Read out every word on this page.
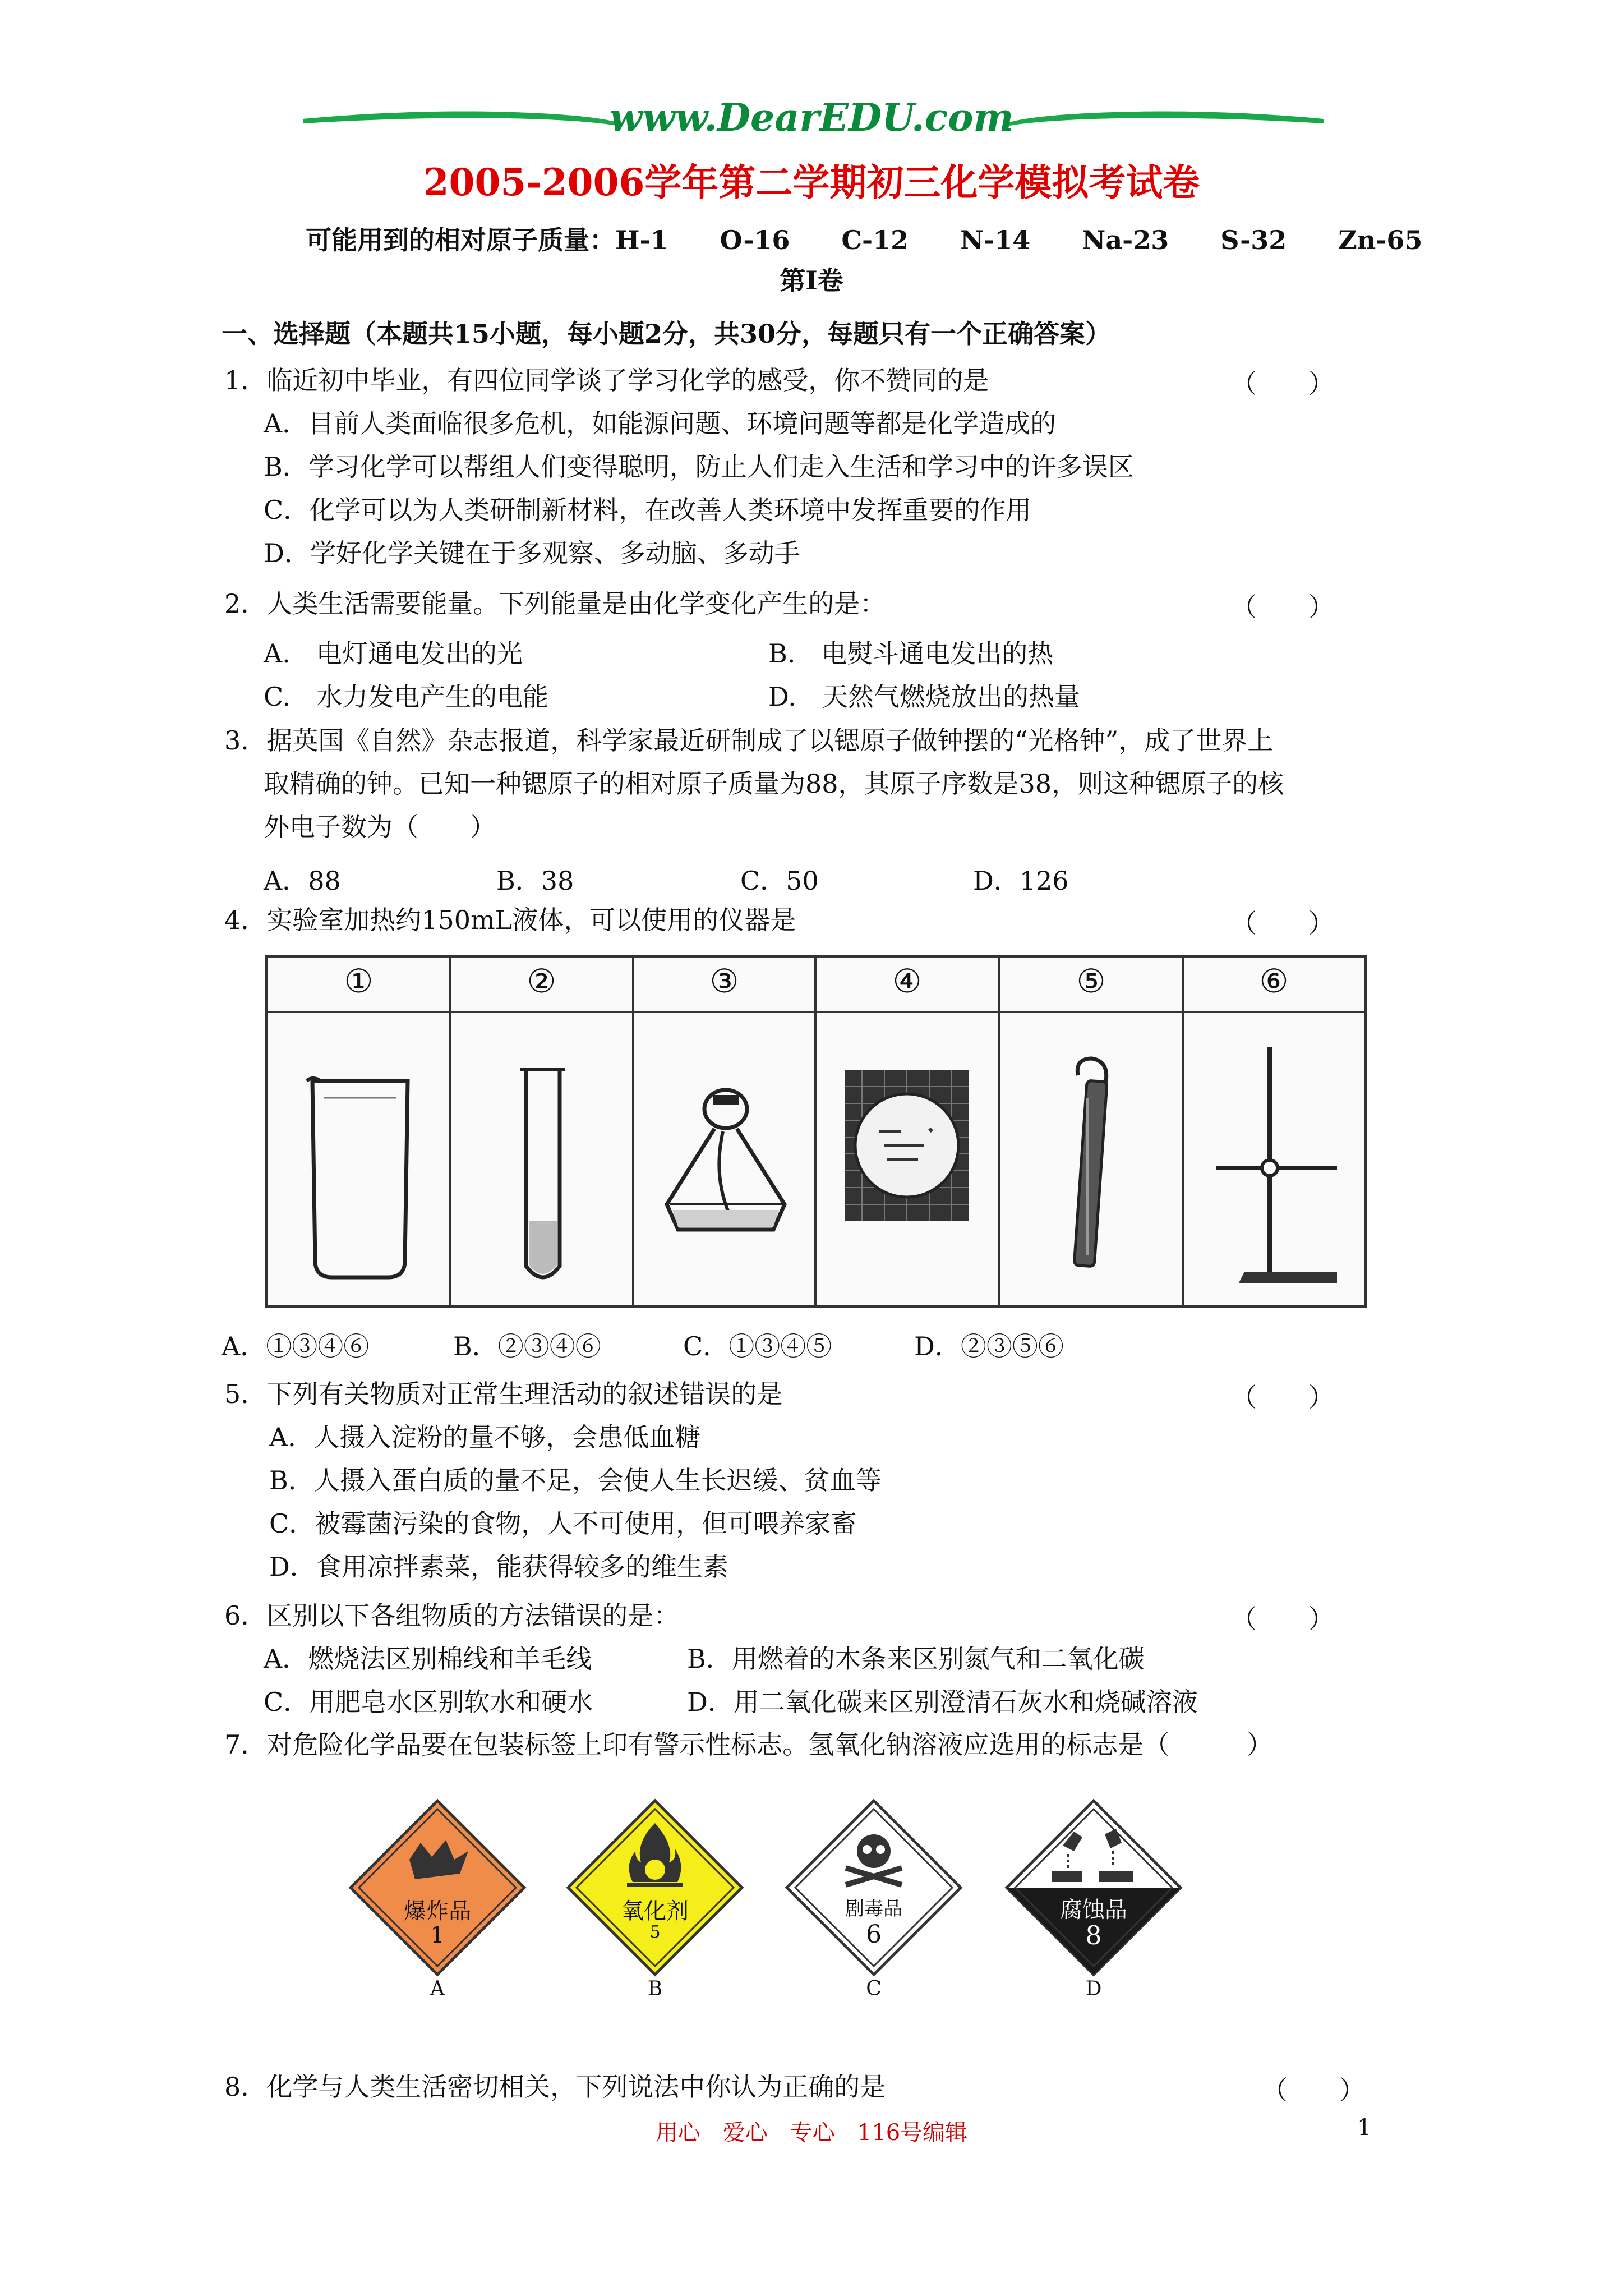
www.DearEDU.com
2005-2006学年第二学期初三化学模拟考试卷
可能用到的相对原子质量：H-1　　O-16　　C-12　　N-14　　Na-23　　S-32　　Zn-65
第Ⅰ卷
一、选择题（本题共15小题，每小题2分，共30分，每题只有一个正确答案）
1．临近初中毕业，有四位同学谈了学习化学的感受，你不赞同的是	（　　）
A．目前人类面临很多危机，如能源问题、环境问题等都是化学造成的
B．学习化学可以帮组人们变得聪明，防止人们走入生活和学习中的许多误区
C．化学可以为人类研制新材料，在改善人类环境中发挥重要的作用
D．学好化学关键在于多观察、多动脑、多动手
2．人类生活需要能量。下列能量是由化学变化产生的是：	（　　）
A.　电灯通电发出的光	B.　电熨斗通电发出的热
C.　水力发电产生的电能	D.　天然气燃烧放出的热量
3．据英国《自然》杂志报道，科学家最近研制成了以锶原子做钟摆的“光格钟”，成了世界上
取精确的钟。已知一种锶原子的相对原子质量为88，其原子序数是38，则这种锶原子的核
外电子数为（　　）
A．88	B．38	C．50	D．126
4．实验室加热约150mL液体，可以使用的仪器是	（　　）
①	②	③	④	⑤	⑥
A．①③④⑥	B．②③④⑥	C．①③④⑤	D．②③⑤⑥
5．下列有关物质对正常生理活动的叙述错误的是	（　　）
A．人摄入淀粉的量不够，会患低血糖
B．人摄入蛋白质的量不足，会使人生长迟缓、贫血等
C．被霉菌污染的食物，人不可使用，但可喂养家畜
D．食用凉拌素菜，能获得较多的维生素
6．区别以下各组物质的方法错误的是：	（　　）
A．燃烧法区别棉线和羊毛线	B．用燃着的木条来区别氮气和二氧化碳
C．用肥皂水区别软水和硬水	D．用二氧化碳来区别澄清石灰水和烧碱溶液
7．对危险化学品要在包装标签上印有警示性标志。氢氧化钠溶液应选用的标志是（　　　）
爆炸品
1
A
氧化剂
5
B
剧毒品
6
C
腐蚀品
8
D
8．化学与人类生活密切相关，下列说法中你认为正确的是	（　　）
用心　爱心　专心　116号编辑	1
